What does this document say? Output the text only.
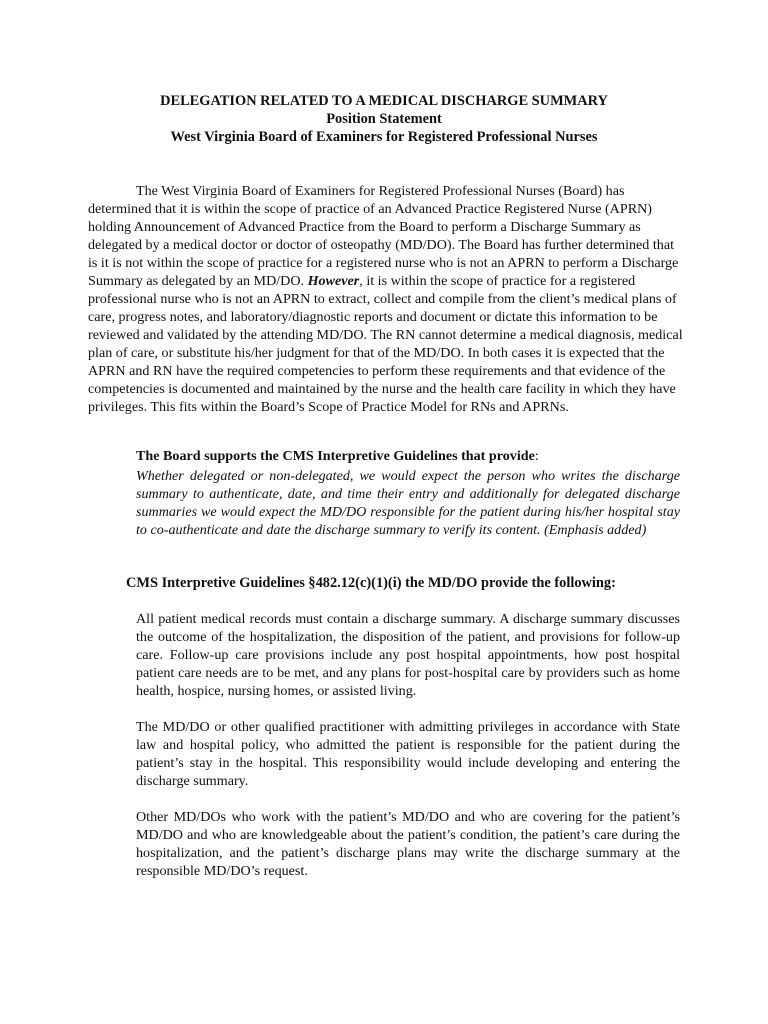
DELEGATION RELATED TO A MEDICAL DISCHARGE SUMMARY
Position Statement
West Virginia Board of Examiners for Registered Professional Nurses

The West Virginia Board of Examiners for Registered Professional Nurses (Board) has determined that it is within the scope of practice of an Advanced Practice Registered Nurse (APRN) holding Announcement of Advanced Practice from the Board to perform a Discharge Summary as delegated by a medical doctor or doctor of osteopathy (MD/DO). The Board has further determined that is it is not within the scope of practice for a registered nurse who is not an APRN to perform a Discharge Summary as delegated by an MD/DO. However, it is within the scope of practice for a registered professional nurse who is not an APRN to extract, collect and compile from the client’s medical plans of care, progress notes, and laboratory/diagnostic reports and document or dictate this information to be reviewed and validated by the attending MD/DO. The RN cannot determine a medical diagnosis, medical plan of care, or substitute his/her judgment for that of the MD/DO. In both cases it is expected that the APRN and RN have the required competencies to perform these requirements and that evidence of the competencies is documented and maintained by the nurse and the health care facility in which they have privileges. This fits within the Board’s Scope of Practice Model for RNs and APRNs.

The Board supports the CMS Interpretive Guidelines that provide:
Whether delegated or non-delegated, we would expect the person who writes the discharge summary to authenticate, date, and time their entry and additionally for delegated discharge summaries we would expect the MD/DO responsible for the patient during his/her hospital stay to co-authenticate and date the discharge summary to verify its content. (Emphasis added)
CMS Interpretive Guidelines §482.12(c)(1)(i) the MD/DO provide the following:

All patient medical records must contain a discharge summary. A discharge summary discusses the outcome of the hospitalization, the disposition of the patient, and provisions for follow-up care. Follow-up care provisions include any post hospital appointments, how post hospital patient care needs are to be met, and any plans for post-hospital care by providers such as home health, hospice, nursing homes, or assisted living.

The MD/DO or other qualified practitioner with admitting privileges in accordance with State law and hospital policy, who admitted the patient is responsible for the patient during the patient’s stay in the hospital. This responsibility would include developing and entering the discharge summary.

Other MD/DOs who work with the patient’s MD/DO and who are covering for the patient’s MD/DO and who are knowledgeable about the patient’s condition, the patient’s care during the hospitalization, and the patient’s discharge plans may write the discharge summary at the responsible MD/DO’s request.
